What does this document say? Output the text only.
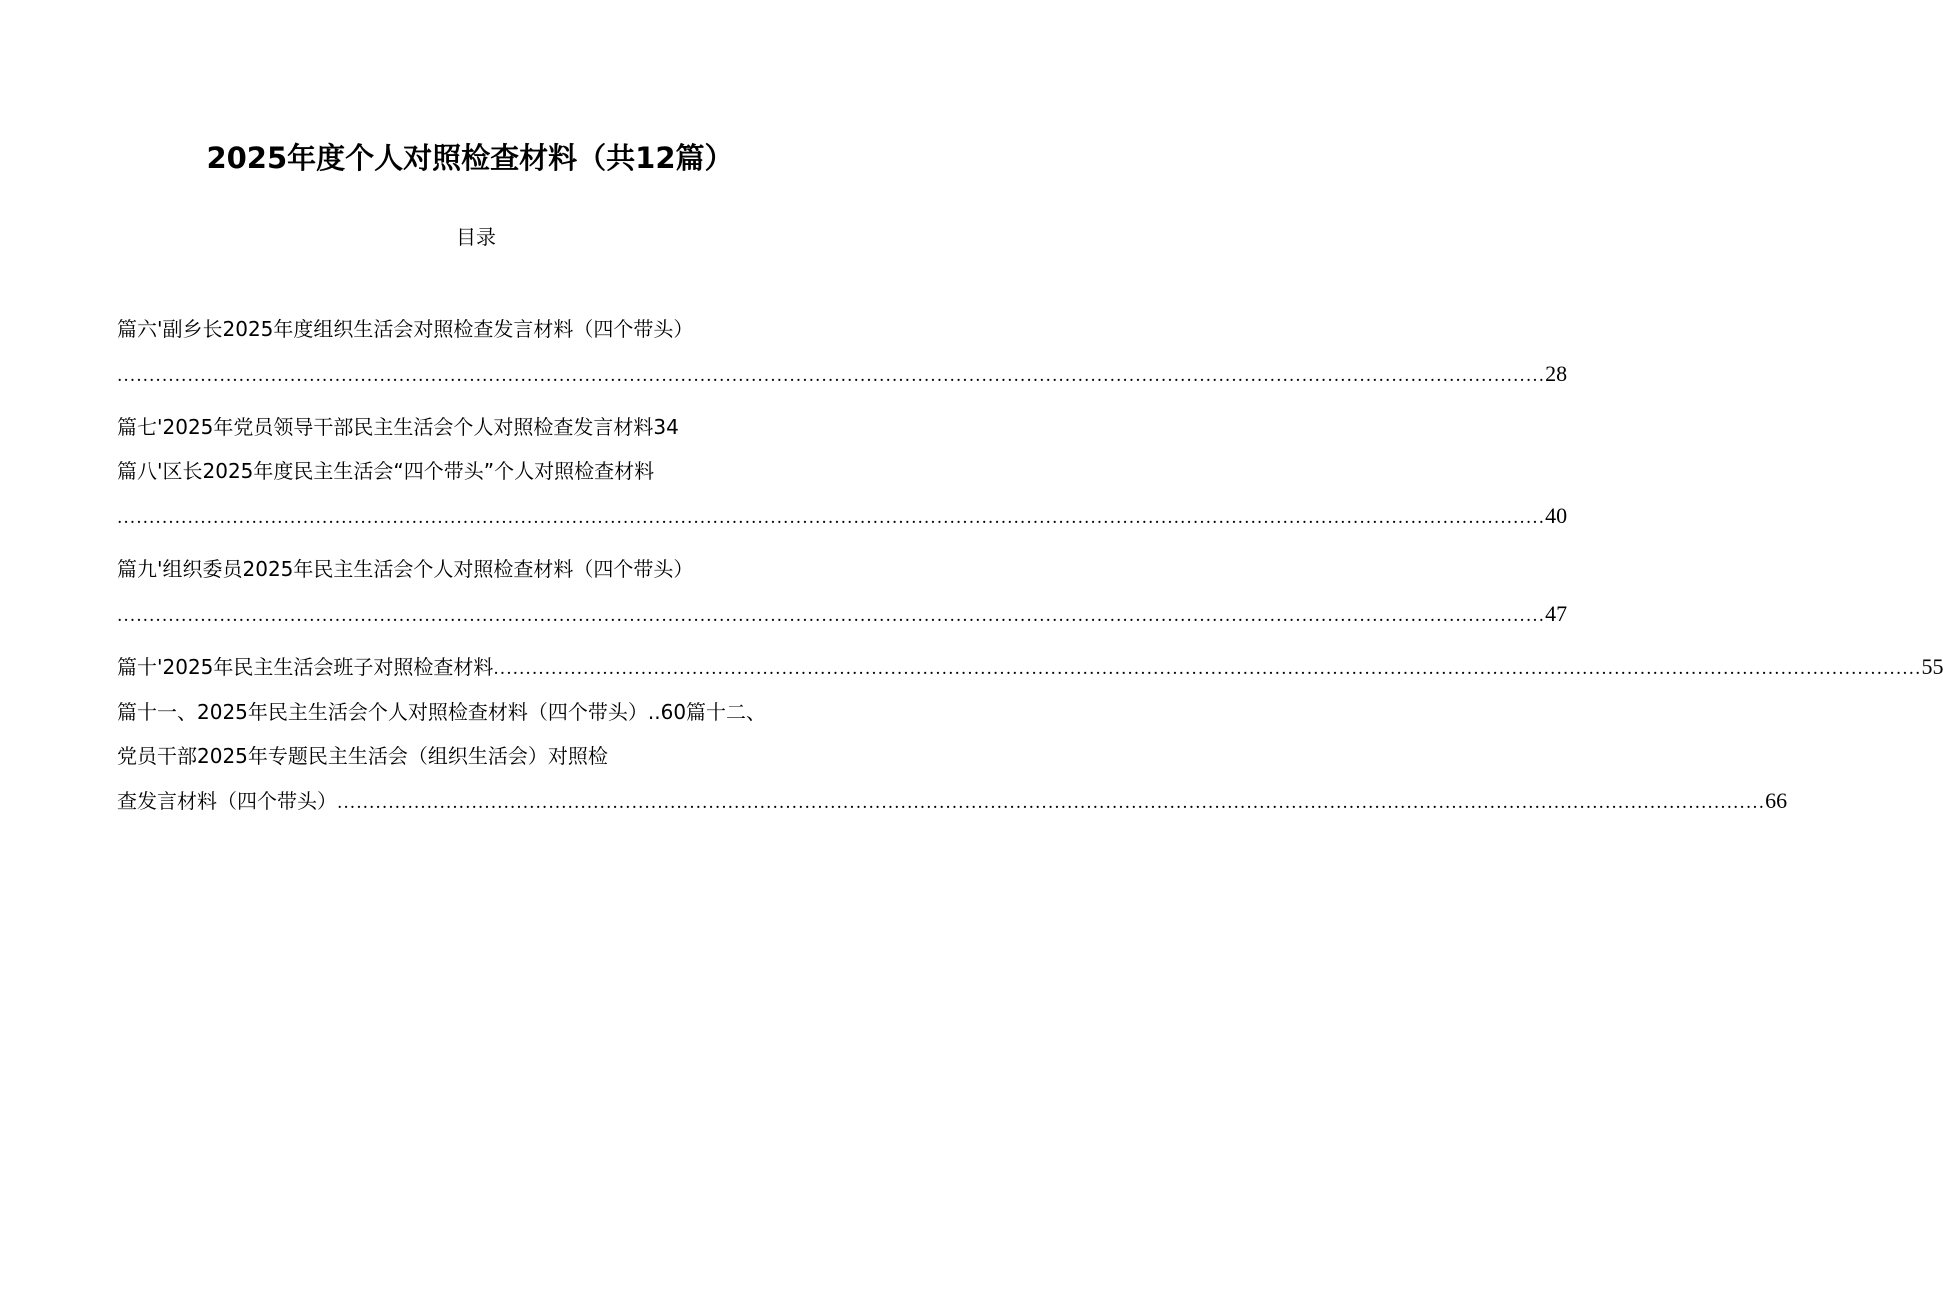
2025年度个人对照检查材料（共12篇）
目录
篇六'副乡长2025年度组织生活会对照检查发言材料（四个带头）
............................................................................................................................................................................................................................... 28
篇七'2025年党员领导干部民主生活会个人对照检查发言材料34
篇八'区长2025年度民主生活会“四个带头”个人对照检查材料
............................................................................................................................................................................................................................... 40
篇九'组织委员2025年民主生活会个人对照检查材料（四个带头）
............................................................................................................................................................................................................................... 47
篇十'2025年民主生活会班子对照检查材料 ............................................................................................................................................................................................................................... 55
篇十一、2025年民主生活会个人对照检查材料（四个带头）..60篇十二、
党员干部2025年专题民主生活会（组织生活会）对照检
查发言材料（四个带头） ............................................................................................................................................................................................................................... 66
